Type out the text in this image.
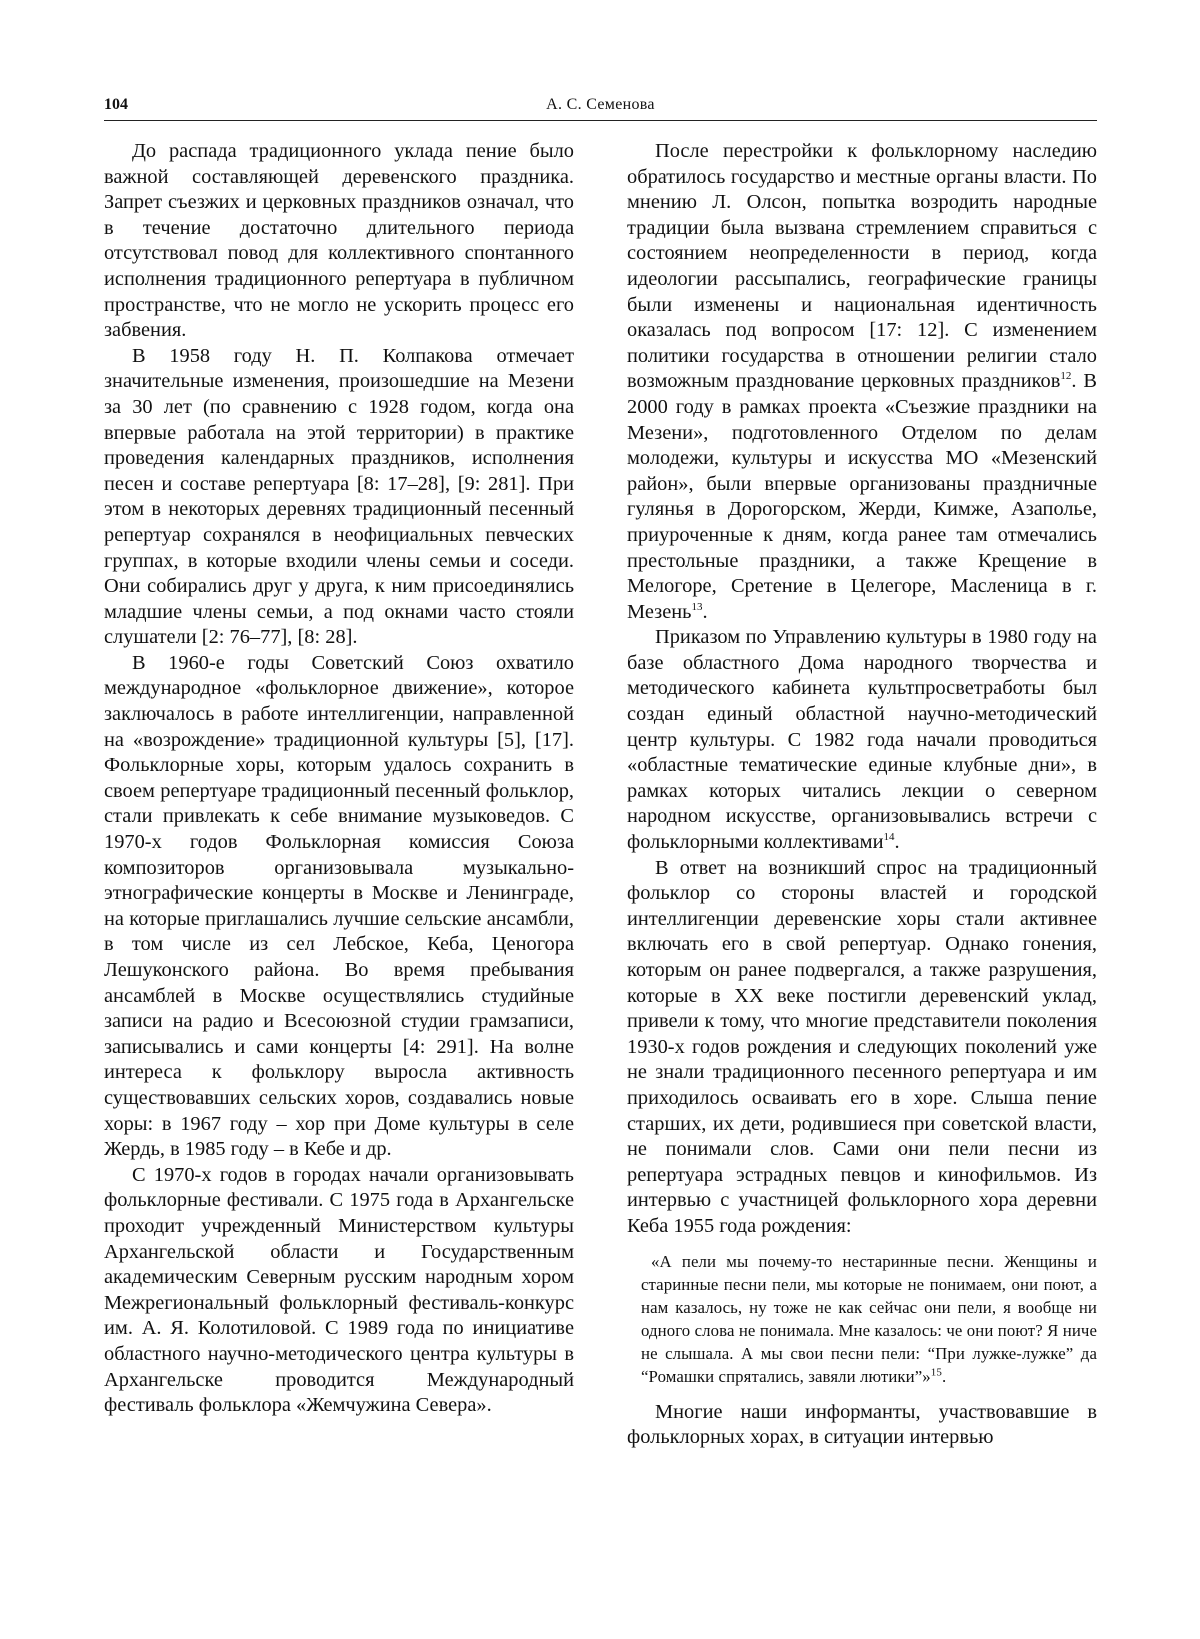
104	А. С. Семенова

До распада традиционного уклада пение было важной составляющей деревенского праздника. Запрет съезжих и церковных праздников означал, что в течение достаточно длительного периода отсутствовал повод для коллективного спонтанного исполнения традиционного репертуара в публичном пространстве, что не могло не ускорить процесс его забвения.

В 1958 году Н. П. Колпакова отмечает значительные изменения, произошедшие на Мезени за 30 лет (по сравнению с 1928 годом, когда она впервые работала на этой территории) в практике проведения календарных праздников, исполнения песен и составе репертуара [8: 17–28], [9: 281]. При этом в некоторых деревнях традиционный песенный репертуар сохранялся в неофициальных певческих группах, в которые входили члены семьи и соседи. Они собирались друг у друга, к ним присоединялись младшие члены семьи, а под окнами часто стояли слушатели [2: 76–77], [8: 28].

В 1960-е годы Советский Союз охватило международное «фольклорное движение», которое заключалось в работе интеллигенции, направленной на «возрождение» традиционной культуры [5], [17]. Фольклорные хоры, которым удалось сохранить в своем репертуаре традиционный песенный фольклор, стали привлекать к себе внимание музыковедов. С 1970-х годов Фольклорная комиссия Союза композиторов организовывала музыкально-этнографические концерты в Москве и Ленинграде, на которые приглашались лучшие сельские ансамбли, в том числе из сел Лебское, Кеба, Ценогора Лешуконского района. Во время пребывания ансамблей в Москве осуществлялись студийные записи на радио и Всесоюзной студии грамзаписи, записывались и сами концерты [4: 291]. На волне интереса к фольклору выросла активность существовавших сельских хоров, создавались новые хоры: в 1967 году – хор при Доме культуры в селе Жердь, в 1985 году – в Кебе и др.

С 1970-х годов в городах начали организовывать фольклорные фестивали. С 1975 года в Архангельске проходит учрежденный Министерством культуры Архангельской области и Государственным академическим Северным русским народным хором Межрегиональный фольклорный фестиваль-конкурс им. А. Я. Колотиловой. С 1989 года по инициативе областного научно-методического центра культуры в Архангельске проводится Международный фестиваль фольклора «Жемчужина Севера».

После перестройки к фольклорному наследию обратилось государство и местные органы власти. По мнению Л. Олсон, попытка возродить народные традиции была вызвана стремлением справиться с состоянием неопределенности в период, когда идеологии рассыпались, географические границы были изменены и национальная идентичность оказалась под вопросом [17: 12]. С изменением политики государства в отношении религии стало возможным празднование церковных праздников$^{12}$. В 2000 году в рамках проекта «Съезжие праздники на Мезени», подготовленного Отделом по делам молодежи, культуры и искусства МО «Мезенский район», были впервые организованы праздничные гулянья в Дорогорском, Жерди, Кимже, Азаполье, приуроченные к дням, когда ранее там отмечались престольные праздники, а также Крещение в Мелогоре, Сретение в Целегоре, Масленица в г. Мезень$^{13}$.

Приказом по Управлению культуры в 1980 году на базе областного Дома народного творчества и методического кабинета культпросветработы был создан единый областной научно-методический центр культуры. С 1982 года начали проводиться «областные тематические единые клубные дни», в рамках которых читались лекции о северном народном искусстве, организовывались встречи с фольклорными коллективами$^{14}$.

В ответ на возникший спрос на традиционный фольклор со стороны властей и городской интеллигенции деревенские хоры стали активнее включать его в свой репертуар. Однако гонения, которым он ранее подвергался, а также разрушения, которые в XX веке постигли деревенский уклад, привели к тому, что многие представители поколения 1930-х годов рождения и следующих поколений уже не знали традиционного песенного репертуара и им приходилось осваивать его в хоре. Слыша пение старших, их дети, родившиеся при советской власти, не понимали слов. Сами они пели песни из репертуара эстрадных певцов и кинофильмов. Из интервью с участницей фольклорного хора деревни Кеба 1955 года рождения:

«А пели мы почему-то нестаринные песни. Женщины и старинные песни пели, мы которые не понимаем, они поют, а нам казалось, ну тоже не как сейчас они пели, я вообще ни одного слова не понимала. Мне казалось: че они поют? Я ниче не слышала. А мы свои песни пели: “При лужке-лужке” да “Ромашки спрятались, завяли лютики”»$^{15}$.

Многие наши информанты, участвовавшие в фольклорных хорах, в ситуации интервью
